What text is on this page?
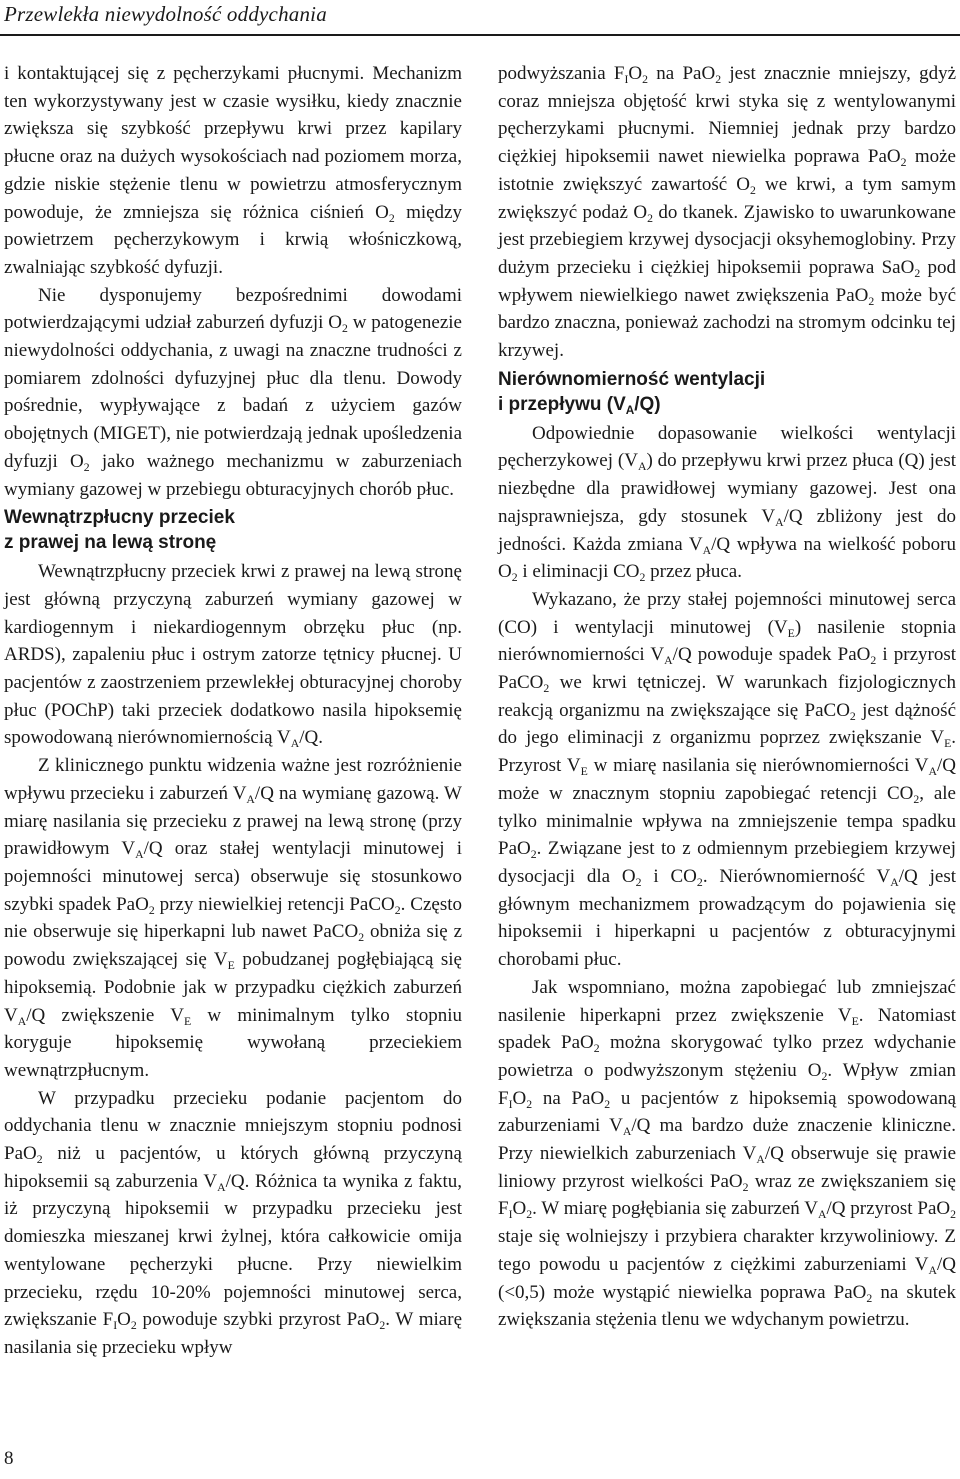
Przewlekła niewydolność oddychania

i kontaktującej się z pęcherzykami płucnymi. Mechanizm ten wykorzystywany jest w czasie wysiłku, kiedy znacznie zwiększa się szybkość przepływu krwi przez kapilary płucne oraz na dużych wysokościach nad poziomem morza, gdzie niskie stężenie tlenu w powietrzu atmosferycznym powoduje, że zmniejsza się różnica ciśnień $O_2$ między powietrzem pęcherzykowym i krwią włośniczkową, zwalniając szybkość dyfuzji.

Nie dysponujemy bezpośrednimi dowodami potwierdzającymi udział zaburzeń dyfuzji $O_2$ w patogenezie niewydolności oddychania, z uwagi na znaczne trudności z pomiarem zdolności dyfuzyjnej płuc dla tlenu. Dowody pośrednie, wypływające z badań z użyciem gazów obojętnych (MIGET), nie potwierdzają jednak upośledzenia dyfuzji $O_2$ jako ważnego mechanizmu w zaburzeniach wymiany gazowej w przebiegu obturacyjnych chorób płuc.

Wewnątrzpłucny przeciek
z prawej na lewą stronę

Wewnątrzpłucny przeciek krwi z prawej na lewą stronę jest główną przyczyną zaburzeń wymiany gazowej w kardiogennym i niekardiogennym obrzęku płuc (np. ARDS), zapaleniu płuc i ostrym zatorze tętnicy płucnej. U pacjentów z zaostrzeniem przewlekłej obturacyjnej choroby płuc (POChP) taki przeciek dodatkowo nasila hipoksemię spowodowaną nierównomiernością $V_A/Q$.

Z klinicznego punktu widzenia ważne jest rozróżnienie wpływu przecieku i zaburzeń $V_A/Q$ na wymianę gazową. W miarę nasilania się przecieku z prawej na lewą stronę (przy prawidłowym $V_A/Q$ oraz stałej wentylacji minutowej i pojemności minutowej serca) obserwuje się stosunkowo szybki spadek PaO$_2$ przy niewielkiej retencji PaCO$_2$. Często nie obserwuje się hiperkapni lub nawet PaCO$_2$ obniża się z powodu zwiększającej się $V_E$ pobudzanej pogłębiającą się hipoksemią. Podobnie jak w przypadku ciężkich zaburzeń $V_A/Q$ zwiększenie $V_E$ w minimalnym tylko stopniu koryguje hipoksemię wywołaną przeciekiem wewnątrzpłucnym.

W przypadku przecieku podanie pacjentom do oddychania tlenu w znacznie mniejszym stopniu podnosi PaO$_2$ niż u pacjentów, u których główną przyczyną hipoksemii są zaburzenia $V_A/Q$. Różnica ta wynika z faktu, iż przyczyną hipoksemii w przypadku przecieku jest domieszka mieszanej krwi żylnej, która całkowicie omija wentylowane pęcherzyki płucne. Przy niewielkim przecieku, rzędu 10-20% pojemności minutowej serca, zwiększanie $F_IO_2$ powoduje szybki przyrost PaO$_2$. W miarę nasilania się przecieku wpływ

podwyższania $F_IO_2$ na PaO$_2$ jest znacznie mniejszy, gdyż coraz mniejsza objętość krwi styka się z wentylowanymi pęcherzykami płucnymi. Niemniej jednak przy bardzo ciężkiej hipoksemii nawet niewielka poprawa PaO$_2$ może istotnie zwiększyć zawartość $O_2$ we krwi, a tym samym zwiększyć podaż $O_2$ do tkanek. Zjawisko to uwarunkowane jest przebiegiem krzywej dysocjacji oksyhemoglobiny. Przy dużym przecieku i ciężkiej hipoksemii poprawa SaO$_2$ pod wpływem niewielkiego nawet zwiększenia PaO$_2$ może być bardzo znaczna, ponieważ zachodzi na stromym odcinku tej krzywej.

Nierównomierność wentylacji
i przepływu $(V_A/Q)$

Odpowiednie dopasowanie wielkości wentylacji pęcherzykowej $(V_A)$ do przepływu krwi przez płuca (Q) jest niezbędne dla prawidłowej wymiany gazowej. Jest ona najsprawniejsza, gdy stosunek $V_A/Q$ zbliżony jest do jedności. Każda zmiana $V_A/Q$ wpływa na wielkość poboru $O_2$ i eliminacji $CO_2$ przez płuca.

Wykazano, że przy stałej pojemności minutowej serca (CO) i wentylacji minutowej $(V_E)$ nasilenie stopnia nierównomierności $V_A/Q$ powoduje spadek PaO$_2$ i przyrost PaCO$_2$ we krwi tętniczej. W warunkach fizjologicznych reakcją organizmu na zwiększające się PaCO$_2$ jest dążność do jego eliminacji z organizmu poprzez zwiększanie $V_E$. Przyrost $V_E$ w miarę nasilania się nierównomierności $V_A/Q$ może w znacznym stopniu zapobiegać retencji $CO_2$, ale tylko minimalnie wpływa na zmniejszenie tempa spadku PaO$_2$. Związane jest to z odmiennym przebiegiem krzywej dysocjacji dla $O_2$ i $CO_2$. Nierównomierność $V_A/Q$ jest głównym mechanizmem prowadzącym do pojawienia się hipoksemii i hiperkapni u pacjentów z obturacyjnymi chorobami płuc.

Jak wspomniano, można zapobiegać lub zmniejszać nasilenie hiperkapni przez zwiększenie $V_E$. Natomiast spadek PaO$_2$ można skorygować tylko przez wdychanie powietrza o podwyższonym stężeniu $O_2$. Wpływ zmian $F_IO_2$ na PaO$_2$ u pacjentów z hipoksemią spowodowaną zaburzeniami $V_A/Q$ ma bardzo duże znaczenie kliniczne. Przy niewielkich zaburzeniach $V_A/Q$ obserwuje się prawie liniowy przyrost wielkości PaO$_2$ wraz ze zwiększaniem się $F_IO_2$. W miarę pogłębiania się zaburzeń $V_A/Q$ przyrost PaO$_2$ staje się wolniejszy i przybiera charakter krzywoliniowy. Z tego powodu u pacjentów z ciężkimi zaburzeniami $V_A/Q$ (<0,5) może wystąpić niewielka poprawa PaO$_2$ na skutek zwiększania stężenia tlenu we wdychanym powietrzu.

8
